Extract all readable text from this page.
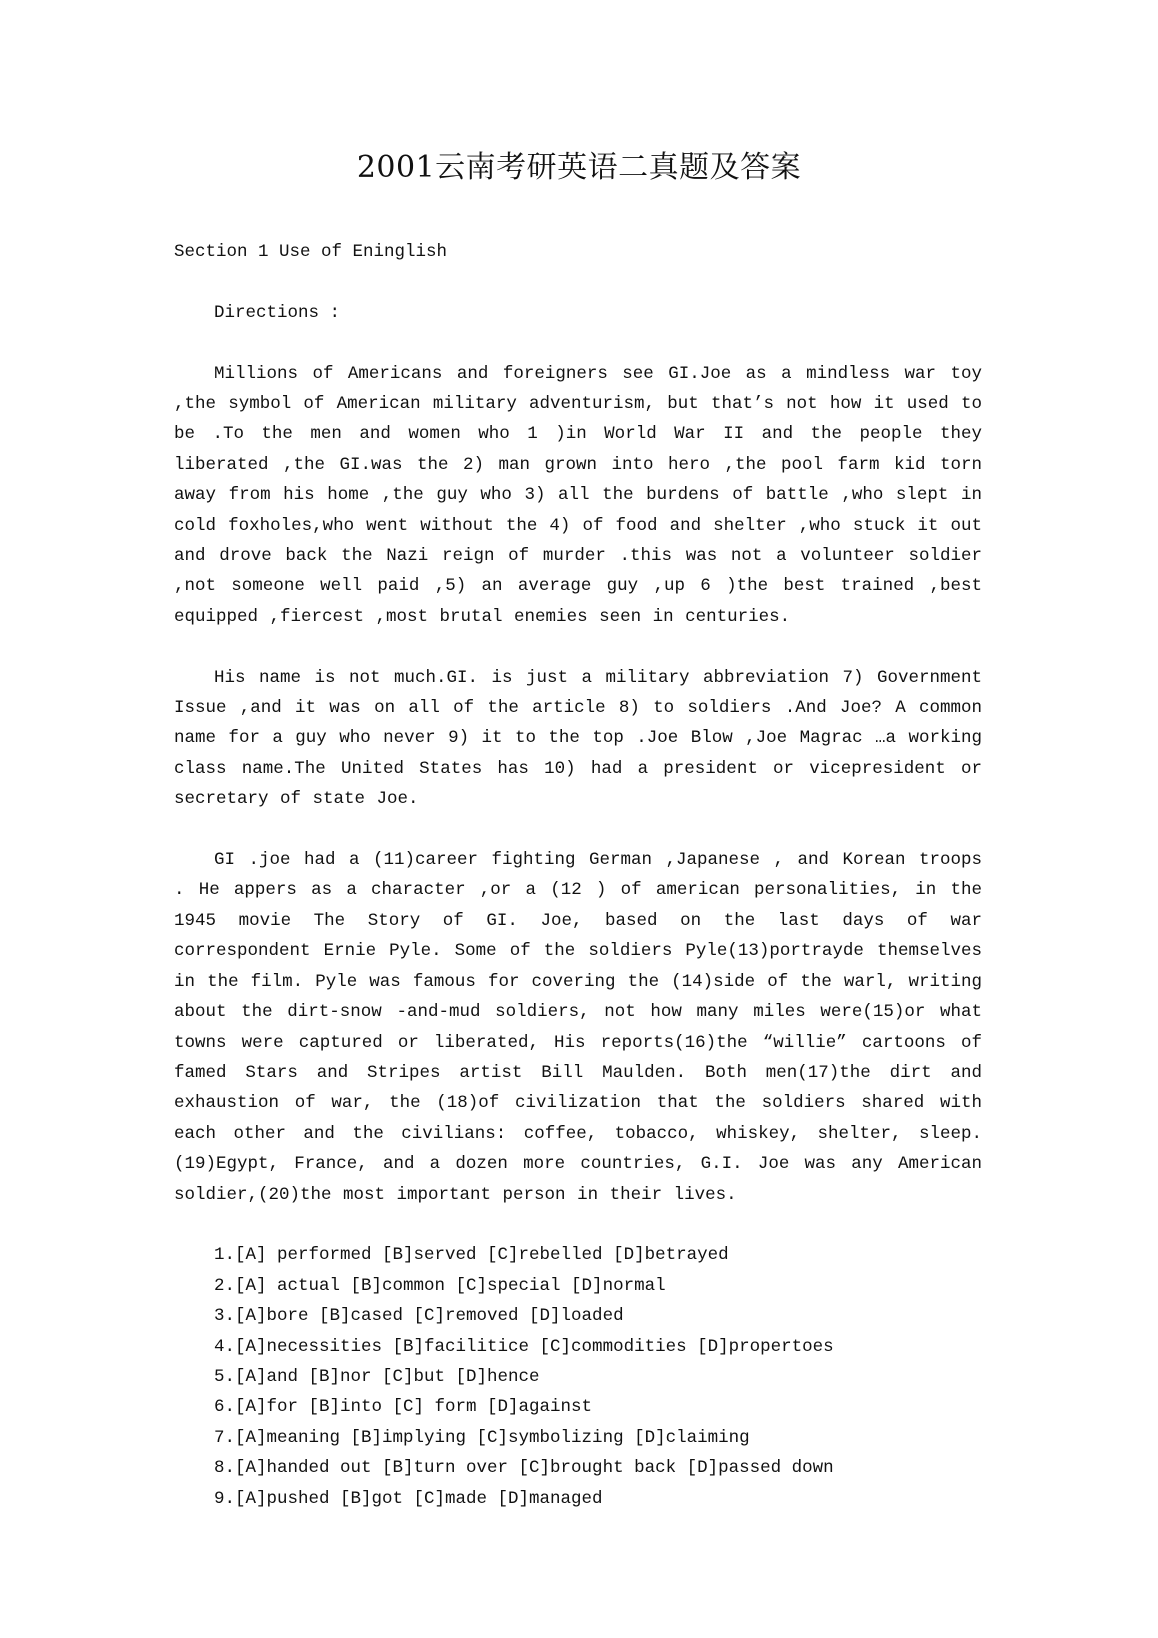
2001云南考研英语二真题及答案
Section 1 Use of Eninglish
Directions :

Millions of Americans and foreigners see GI.Joe as a mindless war toy ,the symbol of American military adventurism, but that’s not how it used to be .To the men and women who 1 )in World War II and the people they liberated ,the GI.was the 2) man grown into hero ,the pool farm kid torn away from his home ,the guy who 3) all the burdens of battle ,who slept in cold foxholes,who went without the 4) of food and shelter ,who stuck it out and drove back the Nazi reign of murder .this was not a volunteer soldier ,not someone well paid ,5) an average guy ,up 6 )the best trained ,best equipped ,fiercest ,most brutal enemies seen in centuries.

His name is not much.GI. is just a military abbreviation 7) Government Issue ,and it was on all of the article 8) to soldiers .And Joe? A common name for a guy who never 9) it to the top .Joe Blow ,Joe Magrac …a working class name.The United States has 10) had a president or vicepresident or secretary of state Joe.

GI .joe had a (11)career fighting German ,Japanese , and Korean troops . He appers as a character ,or a (12 ) of american personalities, in the 1945 movie The Story of GI. Joe, based on the last days of war correspondent Ernie Pyle. Some of the soldiers Pyle(13)portrayde themselves in the film. Pyle was famous for covering the (14)side of the warl, writing about the dirt-snow -and-mud soldiers, not how many miles were(15)or what towns were captured or liberated, His reports(16)the “willie” cartoons of famed Stars and Stripes artist Bill Maulden. Both men(17)the dirt and exhaustion of war, the (18)of civilization that the soldiers shared with each other and the civilians: coffee, tobacco, whiskey, shelter, sleep. (19)Egypt, France, and a dozen more countries, G.I. Joe was any American soldier,(20)the most important person in their lives.

1.[A] performed [B]served [C]rebelled [D]betrayed
2.[A] actual [B]common [C]special [D]normal
3.[A]bore [B]cased [C]removed [D]loaded
4.[A]necessities [B]facilitice [C]commodities [D]propertoes
5.[A]and [B]nor [C]but [D]hence
6.[A]for [B]into [C] form [D]against
7.[A]meaning [B]implying [C]symbolizing [D]claiming
8.[A]handed out [B]turn over [C]brought back [D]passed down
9.[A]pushed [B]got [C]made [D]managed
